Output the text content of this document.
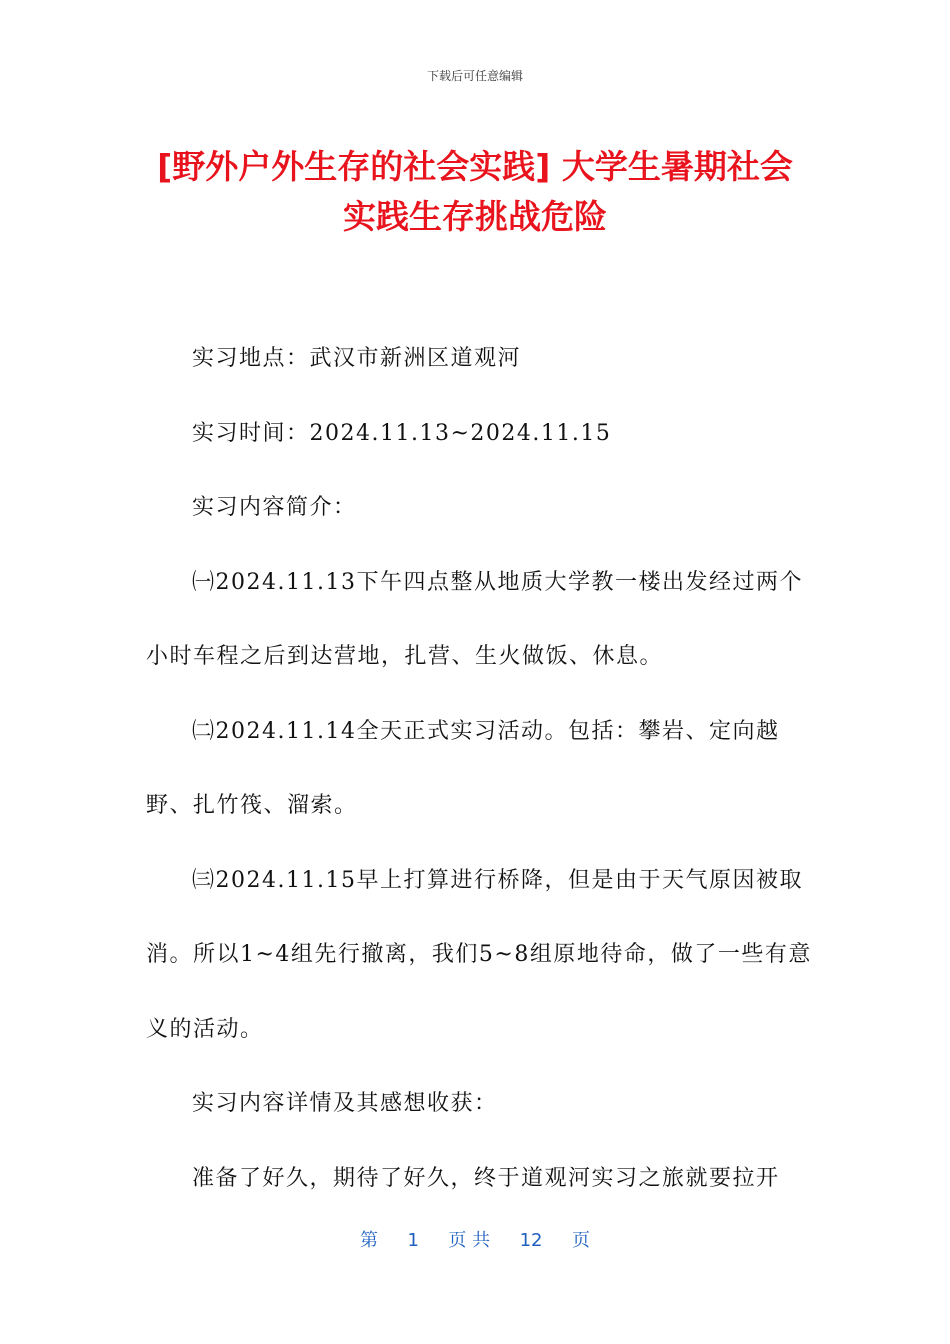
下载后可任意编辑
[野外户外生存的社会实践] 大学生暑期社会
实践生存挑战危险

实习地点：武汉市新洲区道观河

实习时间：2024.11.13~2024.11.15

实习内容简介：

㈠2024.11.13下午四点整从地质大学教一楼出发经过两个小时车程之后到达营地，扎营、生火做饭、休息。

㈡2024.11.14全天正式实习活动。包括：攀岩、定向越野、扎竹筏、溜索。

㈢2024.11.15早上打算进行桥降，但是由于天气原因被取消。所以1~4组先行撤离，我们5~8组原地待命，做了一些有意义的活动。

实习内容详情及其感想收获：

准备了好久，期待了好久，终于道观河实习之旅就要拉开

第 1 页 共 12 页
